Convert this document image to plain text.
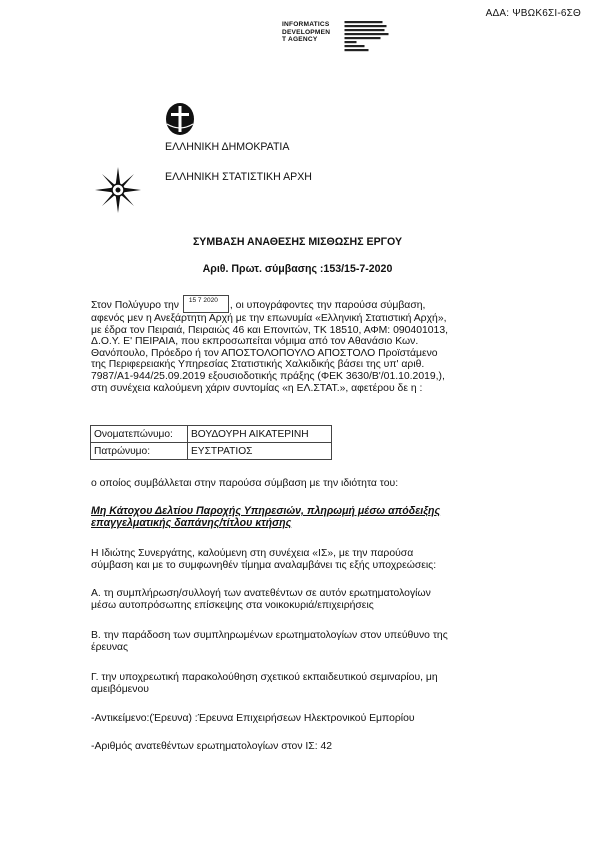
ΑΔΑ: ΨΒΩΚ6ΣΙ-6ΣΘ
INFORMATICS
DEVELOPMEN
T AGENCY
ΕΛΛΗΝΙΚΗ ΔΗΜΟΚΡΑΤΙΑ
ΕΛΛΗΝΙΚΗ ΣΤΑΤΙΣΤΙΚΗ ΑΡΧΗ
ΣΥΜΒΑΣΗ ΑΝΑΘΕΣΗΣ ΜΙΣΘΩΣΗΣ ΕΡΓΟΥ
Αριθ. Πρωτ. σύμβασης :153/15-7-2020
Στον Πολύγυρο την 15 7 2020 , οι υπογράφοντες την παρούσα σύμβαση,
αφενός μεν η Ανεξάρτητη Αρχή με την επωνυμία «Ελληνική Στατιστική Αρχή»,
με έδρα τον Πειραιά, Πειραιώς 46 και Επονιτών, ΤΚ 18510, ΑΦΜ: 090401013,
Δ.Ο.Υ. Ε' ΠΕΙΡΑΙΑ, που εκπροσωπείται νόμιμα από τον Αθανάσιο Κων.
Θανόπουλο, Πρόεδρο ή τον ΑΠΟΣΤΟΛΟΠΟΥΛΟ ΑΠΟΣΤΟΛΟ Προϊστάμενο
της Περιφερειακής Υπηρεσίας Στατιστικής Χαλκιδικής βάσει της υπ' αριθ.
7987/Α1-944/25.09.2019 εξουσιοδοτικής πράξης (ΦΕΚ 3630/Β'/01.10.2019,),
στη συνέχεια καλούμενη χάριν συντομίας «η ΕΛ.ΣΤΑΤ.», αφετέρου δε η :
Ονοματεπώνυμο:	ΒΟΥΔΟΥΡΗ ΑΙΚΑΤΕΡΙΝΗ
Πατρώνυμο:	ΕΥΣΤΡΑΤΙΟΣ
ο οποίος συμβάλλεται στην παρούσα σύμβαση με την ιδιότητα του:
Μη Κάτοχου Δελτίου Παροχής Υπηρεσιών, πληρωμή μέσω απόδειξης
επαγγελματικής δαπάνης/τίτλου κτήσης
Η Ιδιώτης Συνεργάτης, καλούμενη στη συνέχεια «ΙΣ», με την παρούσα
σύμβαση και με το συμφωνηθέν τίμημα αναλαμβάνει τις εξής υποχρεώσεις:
Α. τη συμπλήρωση/συλλογή των ανατεθέντων σε αυτόν ερωτηματολογίων
μέσω αυτοπρόσωπης επίσκεψης στα νοικοκυριά/επιχειρήσεις
Β. την παράδοση των συμπληρωμένων ερωτηματολογίων στον υπεύθυνο της
έρευνας
Γ. την υποχρεωτική παρακολούθηση σχετικού εκπαιδευτικού σεμιναρίου, μη
αμειβόμενου
-Αντικείμενο:(Έρευνα) :Έρευνα Επιχειρήσεων Ηλεκτρονικού Εμπορίου
-Αριθμός ανατεθέντων ερωτηματολογίων στον ΙΣ: 42
